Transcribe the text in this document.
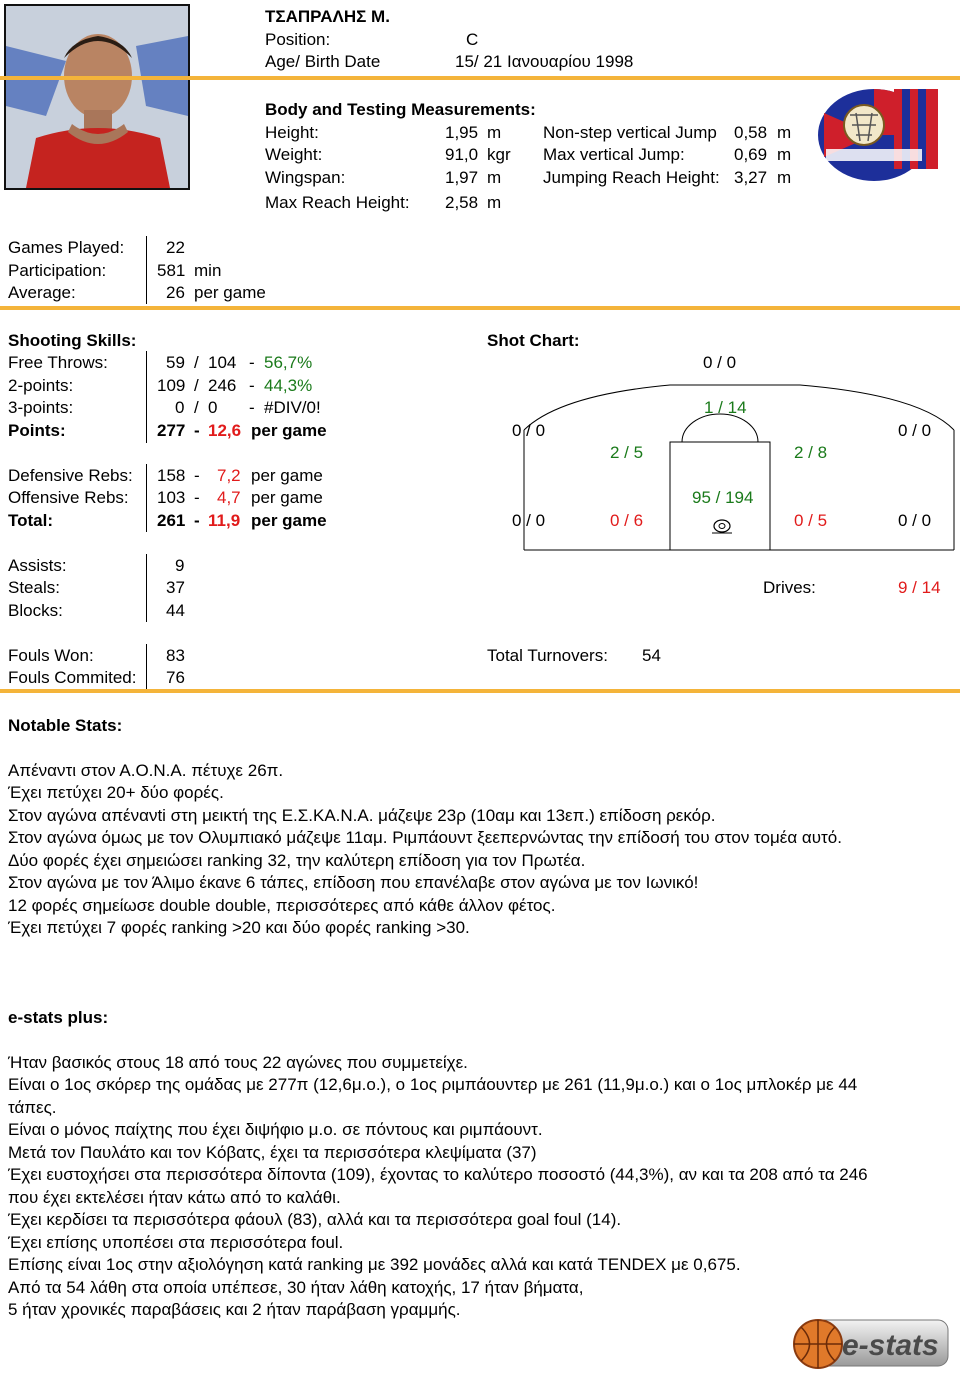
ΤΣΑΠΡΑΛΗΣ Μ.
Position:	C
Age/ Birth Date	15/ 21 Ιανουαρίου 1998
Body and Testing Measurements:
Height:	1,95 m
Weight:	91,0 kgr
Wingspan:	1,97 m
Max Reach Height: 2,58 m
Non-step vertical Jump 0,58 m
Max vertical Jump:	0,69 m
Jumping Reach Height: 3,27 m
Games Played: 22
Participation:	581 min
Average:	26 per game
Shooting Skills:
Free Throws:	59 / 104 - 56,7%
2-points:	109 / 246 - 44,3%
3-points:	0 / 0 - #DIV/0!
Points:	277 - 12,6 per game
Defensive Rebs: 158 - 7,2 per game
Offensive Rebs: 103 - 4,7 per game
Total:	261 - 11,9 per game
Shot Chart:
0 / 0
1 / 14
0 / 0	0 / 0
2 / 5	2 / 8
95 / 194
0 / 0	0 / 6	0 / 5	0 / 0
Assists:	9
Steals:	37
Blocks:	44
Drives:	9 / 14
Fouls Won:	83
Fouls Commited: 76
Total Turnovers: 54
Notable Stats:
Απέναντι στον Α.Ο.Ν.Α. πέτυχε 26π.
Έχει πετύχει 20+ δύο φορές.
Στον αγώνα απένανti στη μεικτή της Ε.Σ.ΚΑ.Ν.Α. μάζεψε 23ρ (10αμ και 13επ.) επίδοση ρεκόρ.
Στον αγώνα όμως με τον Ολυμπιακό μάζεψε 11αμ. Ριμπάουντ ξεεπερνώντας την επίδοσή του στον τομέα αυτό.
Δύο φορές έχει σημειώσει ranking 32, την καλύτερη επίδοση για τον Πρωτέα.
Στον αγώνα με τον Άλιμο έκανε 6 τάπες, επίδοση που επανέλαβε στον αγώνα με τον Ιωνικό!
12 φορές σημείωσε double double, περισσότερες από κάθε άλλον φέτος.
Έχει πετύχει 7 φορές ranking >20 και δύο φορές ranking >30.
e-stats plus:
Ήταν βασικός στους 18 από τους 22 αγώνες που συμμετείχε.
Είναι ο 1ος σκόρερ της ομάδας με 277π (12,6μ.ο.), ο 1ος ριμπάουντερ με 261 (11,9μ.ο.) και ο 1ος μπλοκέρ με 44
τάπες.
Είναι ο μόνος παίχτης που έχει διψήφιο μ.ο. σε πόντους και ριμπάουντ.
Μετά τον Παυλάτο και τον Κόβατς, έχει τα περισσότερα κλεψίματα (37)
Έχει ευστοχήσει στα περισσότερα δίποντα (109), έχοντας το καλύτερο ποσοστό (44,3%), αν και τα 208 από τα 246
που έχει εκτελέσει ήταν κάτω από το καλάθι.
Έχει κερδίσει τα περισσότερα φάουλ (83), αλλά και τα περισσότερα goal foul (14).
Έχει επίσης υποπέσει στα περισσότερα foul.
Επίσης είναι 1ος στην αξιολόγηση κατά ranking με 392 μονάδες αλλά και κατά TENDEX με 0,675.
Από τα 54 λάθη στα οποία υπέπεσε, 30 ήταν λάθη κατοχής, 17 ήταν βήματα,
5 ήταν χρονικές παραβάσεις και 2 ήταν παράβαση γραμμής.
e-stats
